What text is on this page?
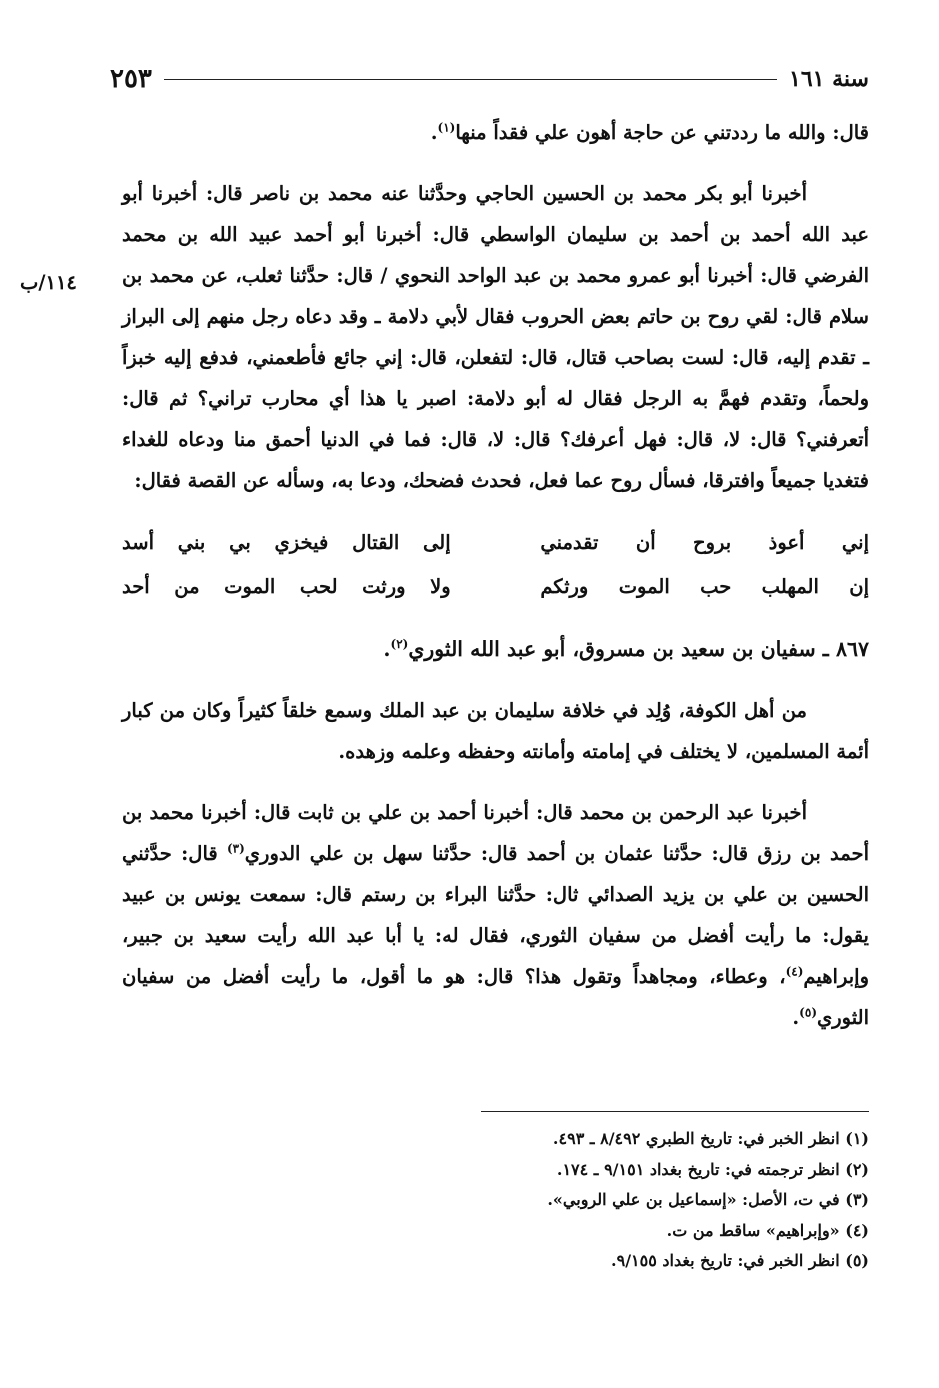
سنة ١٦١
٢٥٣
١١٤/ب

قال: والله ما رددتني عن حاجة أهون علي فقداً منها$^{(١)}$.

أخبرنا أبو بكر محمد بن الحسين الحاجي وحدَّثنا عنه محمد بن ناصر قال: أخبرنا أبو عبد الله أحمد بن أحمد بن سليمان الواسطي قال: أخبرنا أبو أحمد عبيد الله بن محمد الفرضي قال: أخبرنا أبو عمرو محمد بن عبد الواحد النحوي / قال: حدَّثنا ثعلب، عن محمد بن سلام قال: لقي روح بن حاتم بعض الحروب فقال لأبي دلامة ـ وقد دعاه رجل منهم إلى البراز ـ تقدم إليه، قال: لست بصاحب قتال، قال: لتفعلن، قال: إني جائع فأطعمني، فدفع إليه خبزاً ولحماً، وتقدم فهمَّ به الرجل فقال له أبو دلامة: اصبر يا هذا أي محارب تراني؟ ثم قال: أتعرفني؟ قال: لا، قال: فهل أعرفك؟ قال: لا، قال: فما في الدنيا أحمق منا ودعاه للغداء فتغديا جميعاً وافترقا، فسأل روح عما فعل، فحدث فضحك، ودعا به، وسأله عن القصة فقال:

إني أعوذ بروح أن تقدمني
إلى القتال فيخزي بي بني أسد
إن المهلب حب الموت ورثكم
ولا ورثت لحب الموت من أحد

٨٦٧ ـ سفيان بن سعيد بن مسروق، أبو عبد الله الثوري$^{(٢)}$.

من أهل الكوفة، وُلِد في خلافة سليمان بن عبد الملك وسمع خلقاً كثيراً وكان من كبار أئمة المسلمين، لا يختلف في إمامته وأمانته وحفظه وعلمه وزهده.

أخبرنا عبد الرحمن بن محمد قال: أخبرنا أحمد بن علي بن ثابت قال: أخبرنا محمد بن أحمد بن رزق قال: حدَّثنا عثمان بن أحمد قال: حدَّثنا سهل بن علي الدوري$^{(٣)}$ قال: حدَّثني الحسين بن علي بن يزيد الصدائي ثال: حدَّثنا البراء بن رستم قال: سمعت يونس بن عبيد يقول: ما رأيت أفضل من سفيان الثوري، فقال له: يا أبا عبد الله رأيت سعيد بن جبير، وإبراهيم$^{(٤)}$، وعطاء، ومجاهداً وتقول هذا؟ قال: هو ما أقول، ما رأيت أفضل من سفيان الثوري$^{(٥)}$.

(١) انظر الخبر في: تاريخ الطبري ٨/٤٩٢ ـ ٤٩٣.
(٢) انظر ترجمته في: تاريخ بغداد ٩/١٥١ ـ ١٧٤.
(٣) في ت، الأصل: «إسماعيل بن علي الروبي».
(٤) «وإبراهيم» ساقط من ت.
(٥) انظر الخبر في: تاريخ بغداد ٩/١٥٥.
